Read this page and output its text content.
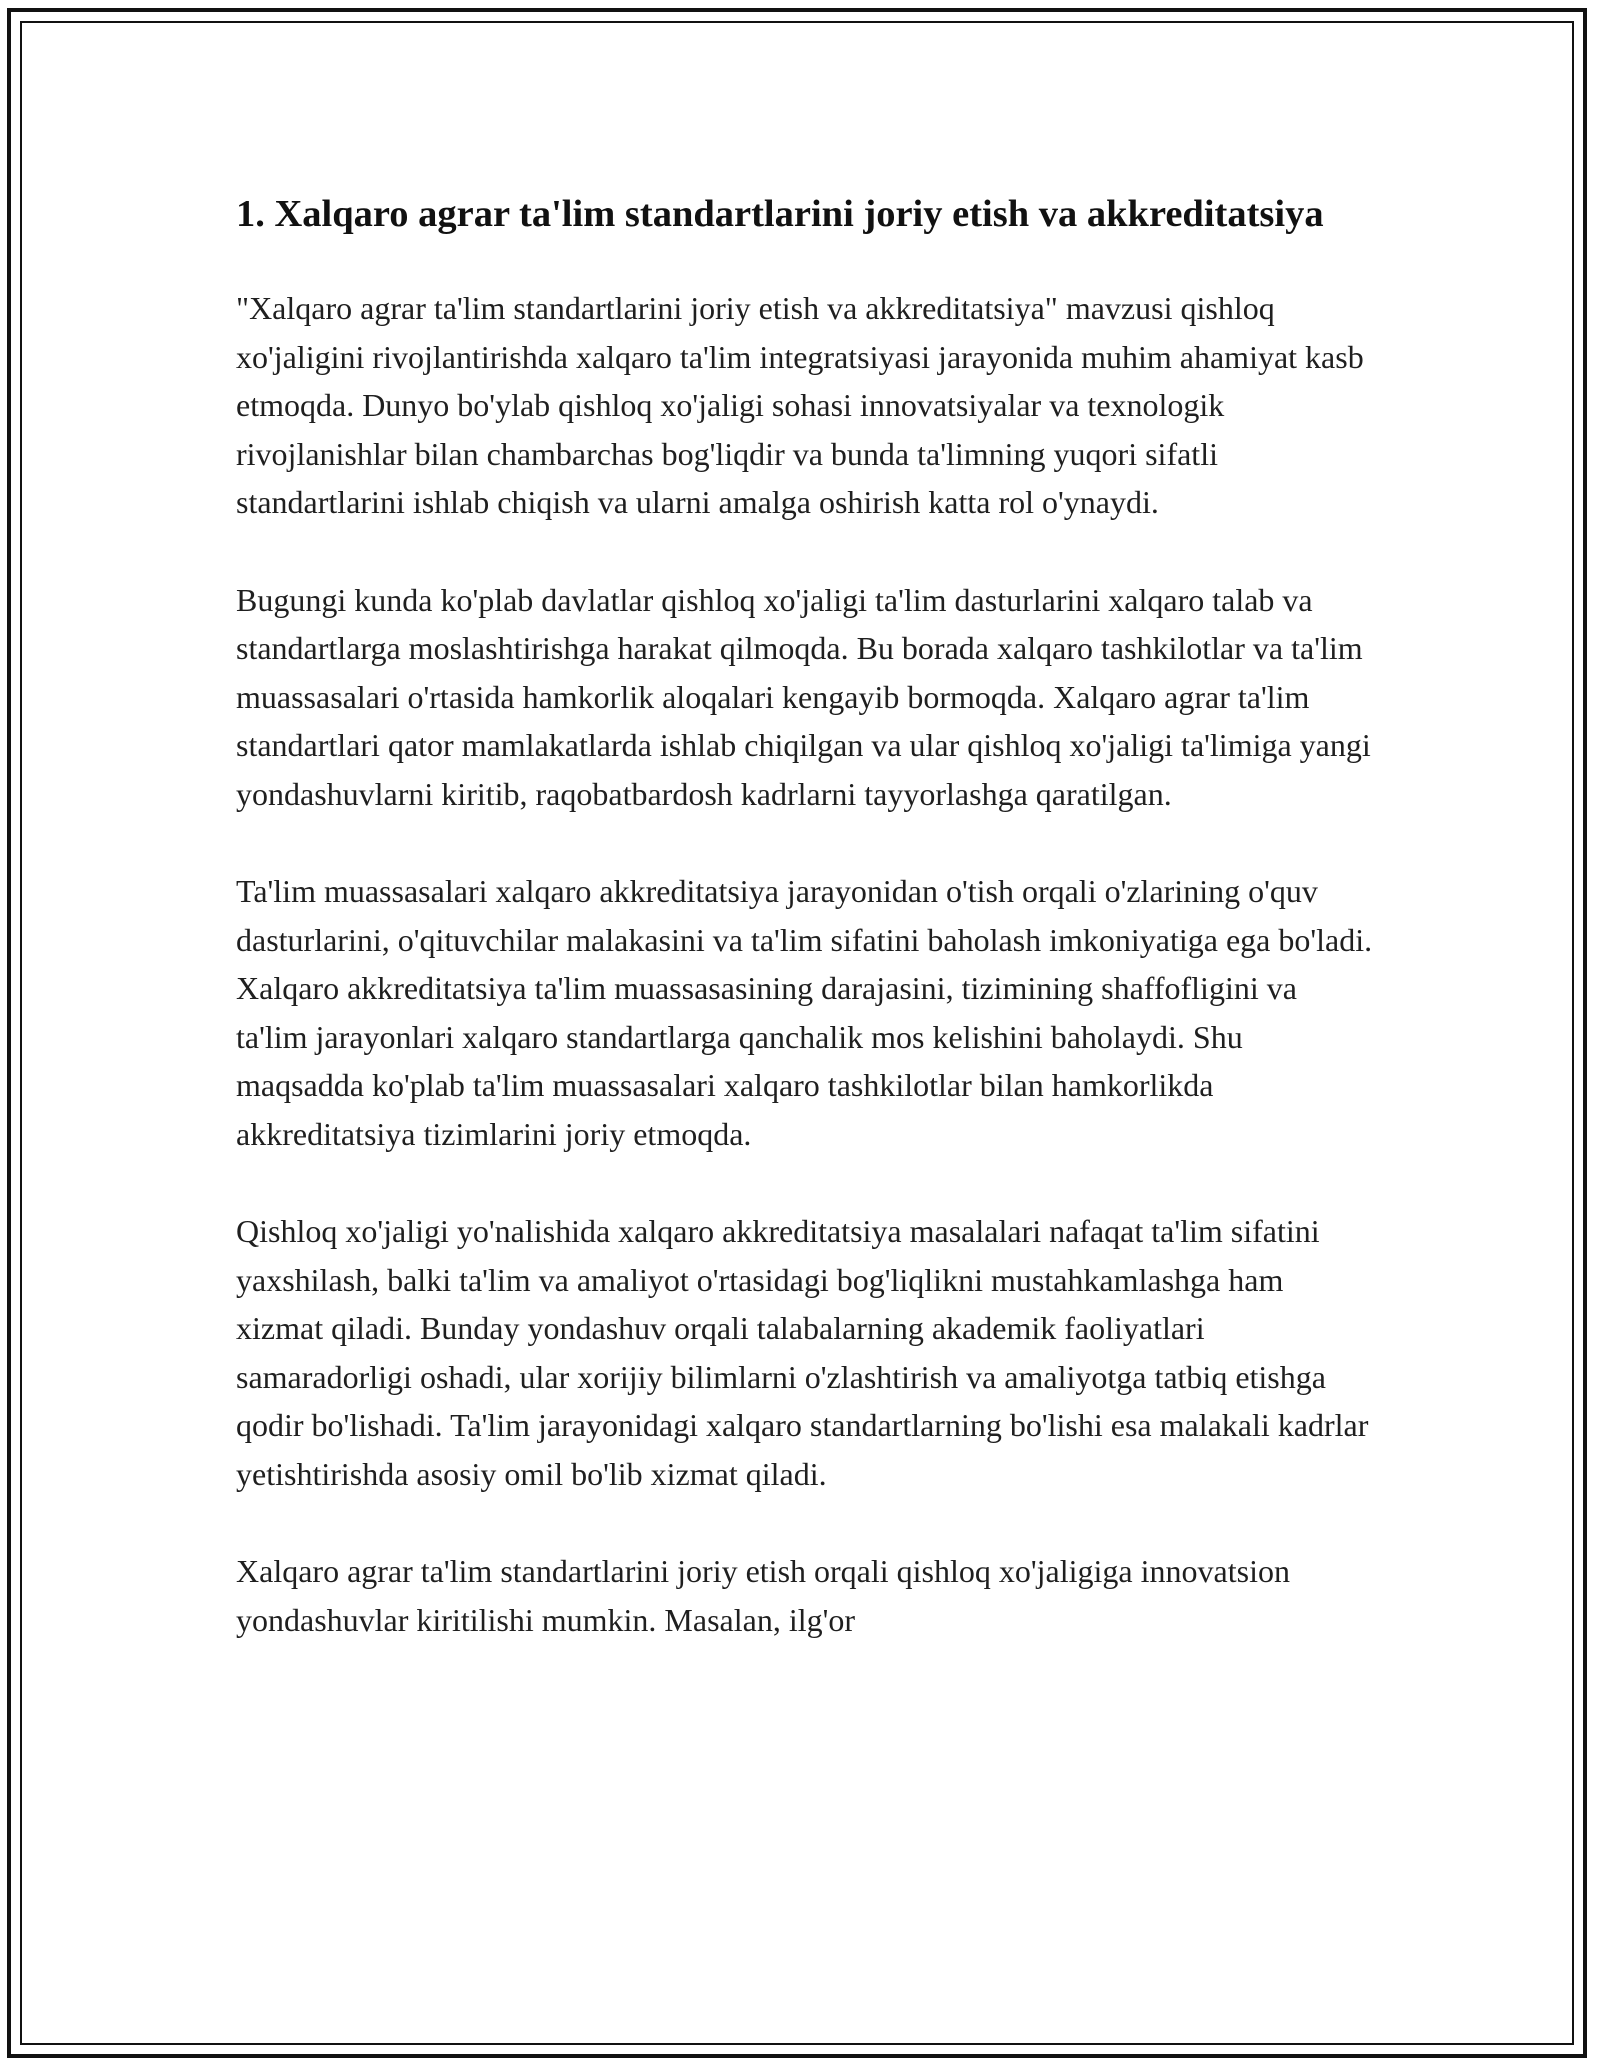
1. Xalqaro agrar ta'lim standartlarini joriy etish va akkreditatsiya

"Xalqaro agrar ta'lim standartlarini joriy etish va akkreditatsiya" mavzusi qishloq xo'jaligini rivojlantirishda xalqaro ta'lim integratsiyasi jarayonida muhim ahamiyat kasb etmoqda. Dunyo bo'ylab qishloq xo'jaligi sohasi innovatsiyalar va texnologik rivojlanishlar bilan chambarchas bog'liqdir va bunda ta'limning yuqori sifatli standartlarini ishlab chiqish va ularni amalga oshirish katta rol o'ynaydi.

Bugungi kunda ko'plab davlatlar qishloq xo'jaligi ta'lim dasturlarini xalqaro talab va standartlarga moslashtirishga harakat qilmoqda. Bu borada xalqaro tashkilotlar va ta'lim muassasalari o'rtasida hamkorlik aloqalari kengayib bormoqda. Xalqaro agrar ta'lim standartlari qator mamlakatlarda ishlab chiqilgan va ular qishloq xo'jaligi ta'limiga yangi yondashuvlarni kiritib, raqobatbardosh kadrlarni tayyorlashga qaratilgan.

Ta'lim muassasalari xalqaro akkreditatsiya jarayonidan o'tish orqali o'zlarining o'quv dasturlarini, o'qituvchilar malakasini va ta'lim sifatini baholash imkoniyatiga ega bo'ladi. Xalqaro akkreditatsiya ta'lim muassasasining darajasini, tizimining shaffofligini va ta'lim jarayonlari xalqaro standartlarga qanchalik mos kelishini baholaydi. Shu maqsadda ko'plab ta'lim muassasalari xalqaro tashkilotlar bilan hamkorlikda akkreditatsiya tizimlarini joriy etmoqda.

Qishloq xo'jaligi yo'nalishida xalqaro akkreditatsiya masalalari nafaqat ta'lim sifatini yaxshilash, balki ta'lim va amaliyot o'rtasidagi bog'liqlikni mustahkamlashga ham xizmat qiladi. Bunday yondashuv orqali talabalarning akademik faoliyatlari samaradorligi oshadi, ular xorijiy bilimlarni o'zlashtirish va amaliyotga tatbiq etishga qodir bo'lishadi. Ta'lim jarayonidagi xalqaro standartlarning bo'lishi esa malakali kadrlar yetishtirishda asosiy omil bo'lib xizmat qiladi.

Xalqaro agrar ta'lim standartlarini joriy etish orqali qishloq xo'jaligiga innovatsion yondashuvlar kiritilishi mumkin. Masalan, ilg'or
